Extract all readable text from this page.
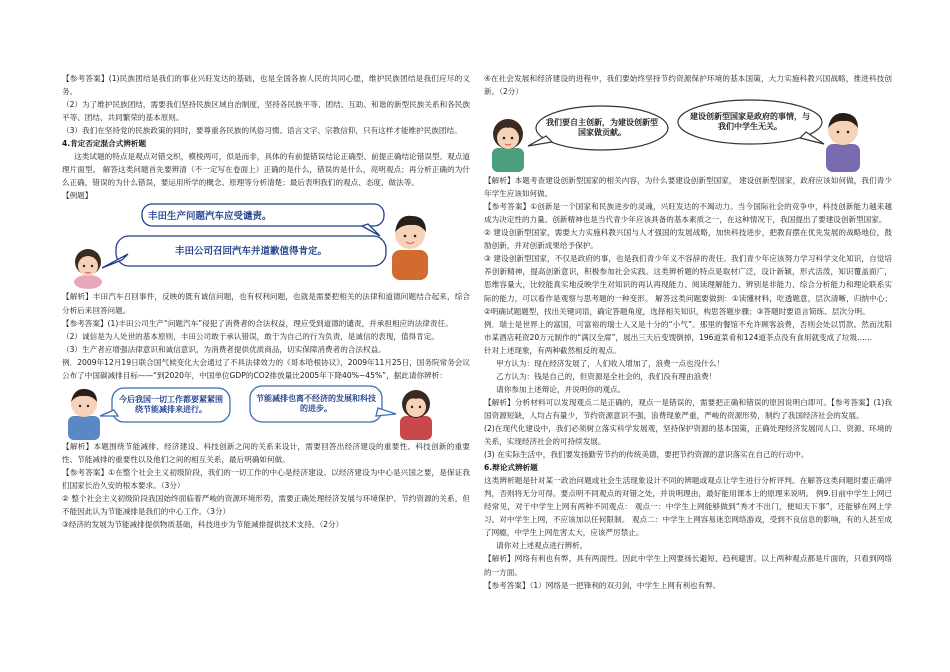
【参考答案】(1)民族团结是我们的事业兴旺发达的基础，也是全国各族人民的共同心愿，维护民族团结是我们应尽的义务。

（2）为了维护民族团结，需要我们坚持民族区域自治制度，坚持各民族平等、团结、互助、和谐的新型民族关系和各民族平等、团结、共同繁荣的基本原则。

（3）我们在坚持党的民族政策的同时，要尊重各民族的风俗习惯、语言文字、宗教信仰，只有这样才能维护民族团结。

4.肯定否定混合式辨析题

这类试题的特点是观点对错交织，模棱两可，似是而非，具体的有前提错误结论正确型、前提正确结论错误型、观点道理片面型。 解答这类问题首先要辨清（不一定写在卷面上）正确的是什么，错误的是什么，亮明观点；再分析正确的为什么正确，错误的为什么错误，要运用所学的概念、原理等分析清楚；最后表明我们的观点、态度、做法等。

【例题】

丰田生产问题汽车应受谴责。
丰田公司召回汽车并道歉值得肯定。

【解析】丰田汽车召回事件，反映的既有诚信问题，也有权利问题，也就是需要把相关的法律和道德问题结合起来，综合分析后来回答问题。

【参考答案】(1)丰田公司生产“问题汽车”侵犯了消费者的合法权益，理应受到道德的谴责，并承担相应的法律责任。

（2）诚信是为人处世的基本原则，丰田公司敢于承认错误，敢于为自己的行为负责，是诚信的表现，值得肯定。

（3）生产者应增强法律意识和诚信意识，为消费者提供优质商品，切实保障消费者的合法权益。

例．2009年12月19日联合国气候变化大会通过了不具法律效力的《哥本哈根协议》，2009年11月25日，国务院常务会议公布了中国碳减排目标——“到2020年，中国单位GDP的CO2排放量比2005年下降40%~45%”，据此请你辨析：

今后我国一切工作都要紧紧围绕节能减排来进行。
节能减排也离不经济的发展和科技的进步。

【解析】本题围绕节能减排、经济建设、科技创新之间的关系来设计，需要回答出经济建设的重要性、科技创新的重要性、节能减排的重要性以及他们之间的相互关系，最后明确如何做。

【参考答案】①在整个社会主义初级阶段，我们的一切工作的中心是经济建设。以经济建设为中心是兴国之要，是保证我们国家长治久安的根本要求。（3分）

② 整个社会主义初级阶段我国始终面临着严峻的资源环境形势，需要正确处理经济发展与环境保护、节约资源的关系，但不能因此认为节能减排是我们的中心工作。（3分）

③经济的发展为节能减排提供物质基础，科技进步为节能减排提供技术支持。（2分）

④在社会发展和经济建设的进程中，我们要始终坚持节约资源保护环境的基本国策，大力实施科教兴国战略，推进科技创新。（2分）

我们要自主创新，为建设创新型国家做贡献。
建设创新型国家是政府的事情，与我们中学生无关。

【解析】本题考查建设创新型国家的相关内容，为什么要建设创新型国家， 建设创新型国家，政府应该如何做，我们青少年学生应该如何做。

【参考答案】①创新是一个国家和民族进步的灵魂，兴旺发达的不竭动力。当今国际社会的竞争中，科技创新能力越来越成为决定性的力量。创新精神也是当代青少年应该具备的基本素质之一，在这种情况下，我国提出了要建设创新型国家。

② 建设创新型国家，需要大力实施科教兴国与人才强国的发展战略，加快科技进步，把教育摆在优先发展的战略地位，鼓励创新，并对创新成果给予保护。

③ 建设创新型国家，不仅是政府的事，也是我们青少年义不容辞的责任。我们青少年应该努力学习科学文化知识，自觉培养创新精神，提高创新意识，积极参加社会实践。这类辨析题的特点是取材广泛，设计新颖，形式活泼，知识覆盖面广，思维容量大，比较能真实地反映学生对知识的再认再现能力、阅读理解能力、辨别是非能力、综合分析能力和理论联系实际的能力，可以看作是观察与思考题的一种变形。 解答这类问题要做到：①读懂材料，吃透题意，层次清晰，归纳中心；②明确试题题型，找出关键词语，确定答题角度，选择相关知识，构思答题步骤；③答题时要语言简练、层次分明。

例．瑞士是世界上的富国，可富裕的瑞士人又是十分的“小气”。那里的餐馆不允许顾客浪费，否则会处以罚款。然而沈阳市某酒店耗资20万元制作的“满汉全席”，展出三天后变馊倒掉，196道菜肴和124道茶点没有食用就变成了垃圾……

针对上述现象，有两种截然相反的观点。

甲方认为：现在经济发展了，人们收入增加了，浪费一点也没什么！

乙方认为：钱是自己的，但资源是全社会的，我们没有理由浪费！

请你参加上述辩论，并说明你的观点。

【解析】分析材料可以发现观点二是正确的，观点一是错误的，需要把正确和错误的原因说明白即可。【参考答案】(1)我国资源短缺，人均占有量少，节约资源意识不强，浪费现象严重，严峻的资源形势，制约了我国经济社会的发展。

(2)在现代化建设中，我们必须树立落实科学发展观，坚持保护资源的基本国策，正确处理经济发展同人口、资源、环境的关系，实现经济社会的可持续发展。

(3) 在实际生活中，我们要发扬勤劳节约的传统美德，要把节约资源的意识落实在自己的行动中。

6.辩论式辨析题

这类辨析题是针对某一政治问题或社会生活现象设计不同的辨题或观点让学生进行分析评判。在解答这类问题时要正确评判，否则将无分可得。要点明不同观点的对错之处，并说明理由，最好能用课本上的原理来说明。 例9.目前中学生上网已经常见，对于中学生上网有两种不同观点： 观点一：中学生上网能够做到“秀才不出门，便知天下事”，还能够在网上学习。对中学生上网，不应该加以任何限制。 观点二：中学生上网容易迷恋网络游戏，受到不良信息的影响，有的人甚至成了网瘾，中学生上网危害太大，应该严厉禁止。

请你对上述观点进行辨析。

【解析】网络有利也有弊，具有两面性。因此中学生上网要扬长避短、趋利避害。以上两种观点都是片面的，只看到网络的一方面。

【参考答案】（1）网络是一把锋利的双刃剑，中学生上网有利也有弊。
